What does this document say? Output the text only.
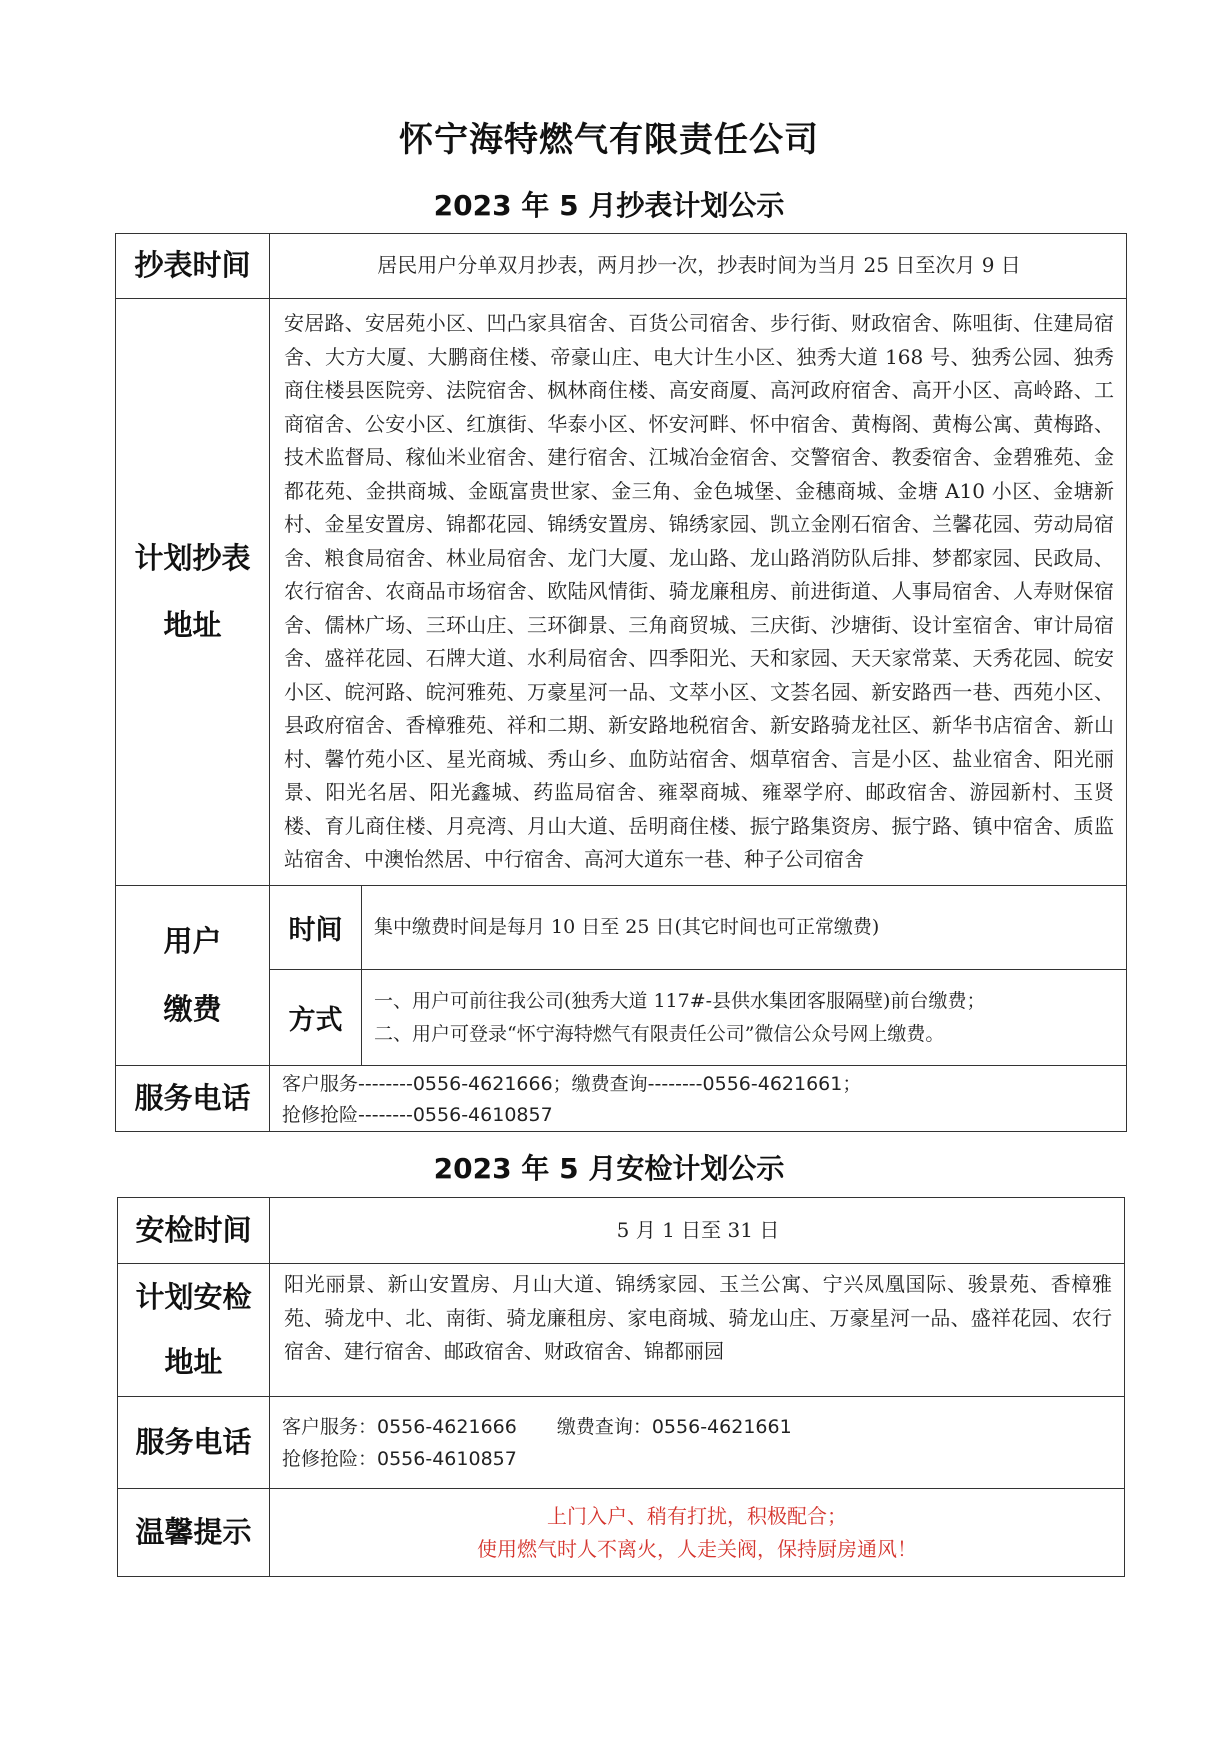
怀宁海特燃气有限责任公司
2023 年 5 月抄表计划公示
抄表时间	居民用户分单双月抄表，两月抄一次，抄表时间为当月 25 日至次月 9 日	

计划抄表
地址	安居路、安居苑小区、凹凸家具宿舍、百货公司宿舍、步行街、财政宿舍、陈咀街、住建局宿舍、大方大厦、大鹏商住楼、帝豪山庄、电大计生小区、独秀大道 168 号、独秀公园、独秀商住楼县医院旁、法院宿舍、枫林商住楼、高安商厦、高河政府宿舍、高开小区、高岭路、工商宿舍、公安小区、红旗街、华泰小区、怀安河畔、怀中宿舍、黄梅阁、黄梅公寓、黄梅路、技术监督局、稼仙米业宿舍、建行宿舍、江城冶金宿舍、交警宿舍、教委宿舍、金碧雅苑、金都花苑、金拱商城、金瓯富贵世家、金三角、金色城堡、金穗商城、金塘 A10 小区、金塘新村、金星安置房、锦都花园、锦绣安置房、锦绣家园、凯立金刚石宿舍、兰馨花园、劳动局宿舍、粮食局宿舍、林业局宿舍、龙门大厦、龙山路、龙山路消防队后排、梦都家园、民政局、农行宿舍、农商品市场宿舍、欧陆风情街、骑龙廉租房、前进街道、人事局宿舍、人寿财保宿舍、儒林广场、三环山庄、三环御景、三角商贸城、三庆街、沙塘街、设计室宿舍、审计局宿舍、盛祥花园、石牌大道、水利局宿舍、四季阳光、天和家园、天天家常菜、天秀花园、皖安小区、皖河路、皖河雅苑、万豪星河一品、文萃小区、文荟名园、新安路西一巷、西苑小区、县政府宿舍、香樟雅苑、祥和二期、新安路地税宿舍、新安路骑龙社区、新华书店宿舍、新山村、馨竹苑小区、星光商城、秀山乡、血防站宿舍、烟草宿舍、言是小区、盐业宿舍、阳光丽景、阳光名居、阳光鑫城、药监局宿舍、雍翠商城、雍翠学府、邮政宿舍、游园新村、玉贤楼、育儿商住楼、月亮湾、月山大道、岳明商住楼、振宁路集资房、振宁路、镇中宿舍、质监站宿舍、中澳怡然居、中行宿舍、高河大道东一巷、种子公司宿舍	

用户
缴费	时间	集中缴费时间是每月 10 日至 25 日(其它时间也可正常缴费)
	方式	一、用户可前往我公司(独秀大道 117#-县供水集团客服隔壁)前台缴费；
二、用户可登录“怀宁海特燃气有限责任公司”微信公众号网上缴费。

服务电话	客户服务--------0556-4621666；缴费查询--------0556-4621661；
抢修抢险--------0556-4610857	
2023 年 5 月安检计划公示
安检时间	5 月 1 日至 31 日

计划安检
地址	阳光丽景、新山安置房、月山大道、锦绣家园、玉兰公寓、宁兴凤凰国际、骏景苑、香樟雅苑、骑龙中、北、南街、骑龙廉租房、家电商城、骑龙山庄、万豪星河一品、盛祥花园、农行宿舍、建行宿舍、邮政宿舍、财政宿舍、锦都丽园
服务电话	客户服务：0556-4621666 缴费查询：0556-4621661
抢修抢险：0556-4610857

温馨提示	上门入户、稍有打扰，积极配合；
使用燃气时人不离火，人走关阀，保持厨房通风！
